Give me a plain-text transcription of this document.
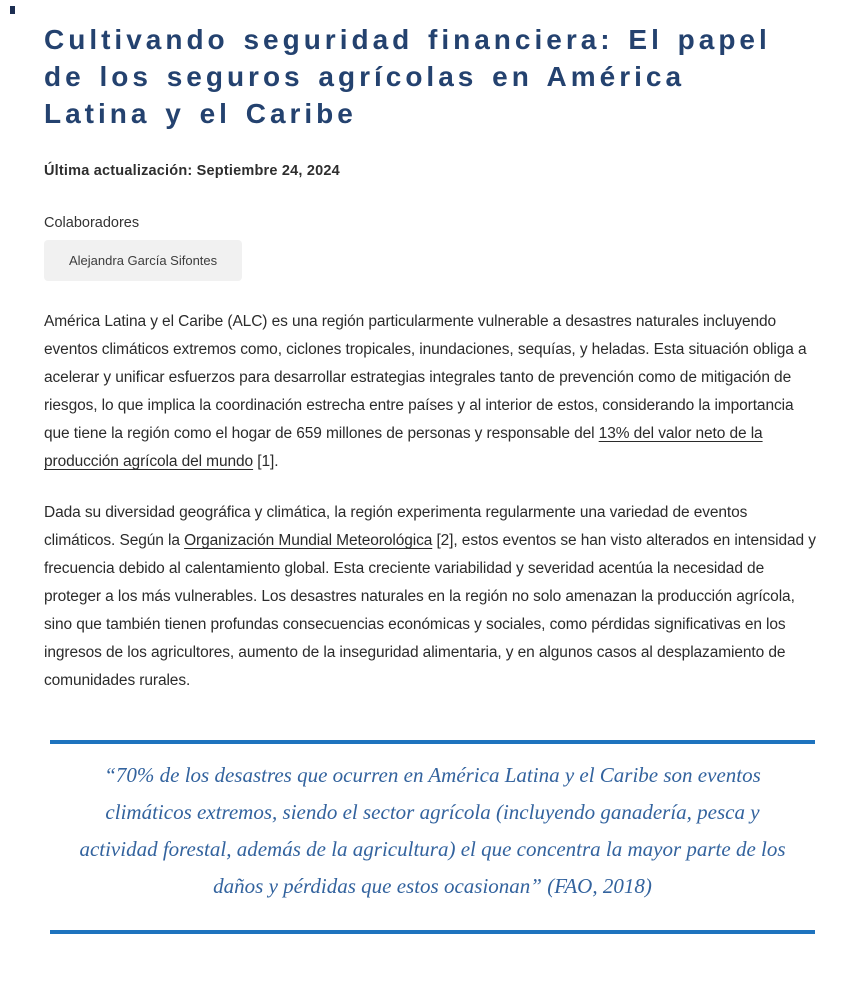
Cultivando seguridad financiera: El papel de los seguros agrícolas en América Latina y el Caribe

Última actualización: Septiembre 24, 2024

Colaboradores
Alejandra García Sifontes

América Latina y el Caribe (ALC) es una región particularmente vulnerable a desastres naturales incluyendo eventos climáticos extremos como, ciclones tropicales, inundaciones, sequías, y heladas. Esta situación obliga a acelerar y unificar esfuerzos para desarrollar estrategias integrales tanto de prevención como de mitigación de riesgos, lo que implica la coordinación estrecha entre países y al interior de estos, considerando la importancia que tiene la región como el hogar de 659 millones de personas y responsable del 13% del valor neto de la producción agrícola del mundo [1].

Dada su diversidad geográfica y climática, la región experimenta regularmente una variedad de eventos climáticos. Según la Organización Mundial Meteorológica [2], estos eventos se han visto alterados en intensidad y frecuencia debido al calentamiento global. Esta creciente variabilidad y severidad acentúa la necesidad de proteger a los más vulnerables. Los desastres naturales en la región no solo amenazan la producción agrícola, sino que también tienen profundas consecuencias económicas y sociales, como pérdidas significativas en los ingresos de los agricultores, aumento de la inseguridad alimentaria, y en algunos casos al desplazamiento de comunidades rurales.

“70% de los desastres que ocurren en América Latina y el Caribe son eventos climáticos extremos, siendo el sector agrícola (incluyendo ganadería, pesca y actividad forestal, además de la agricultura) el que concentra la mayor parte de los daños y pérdidas que estos ocasionan” (FAO, 2018)
